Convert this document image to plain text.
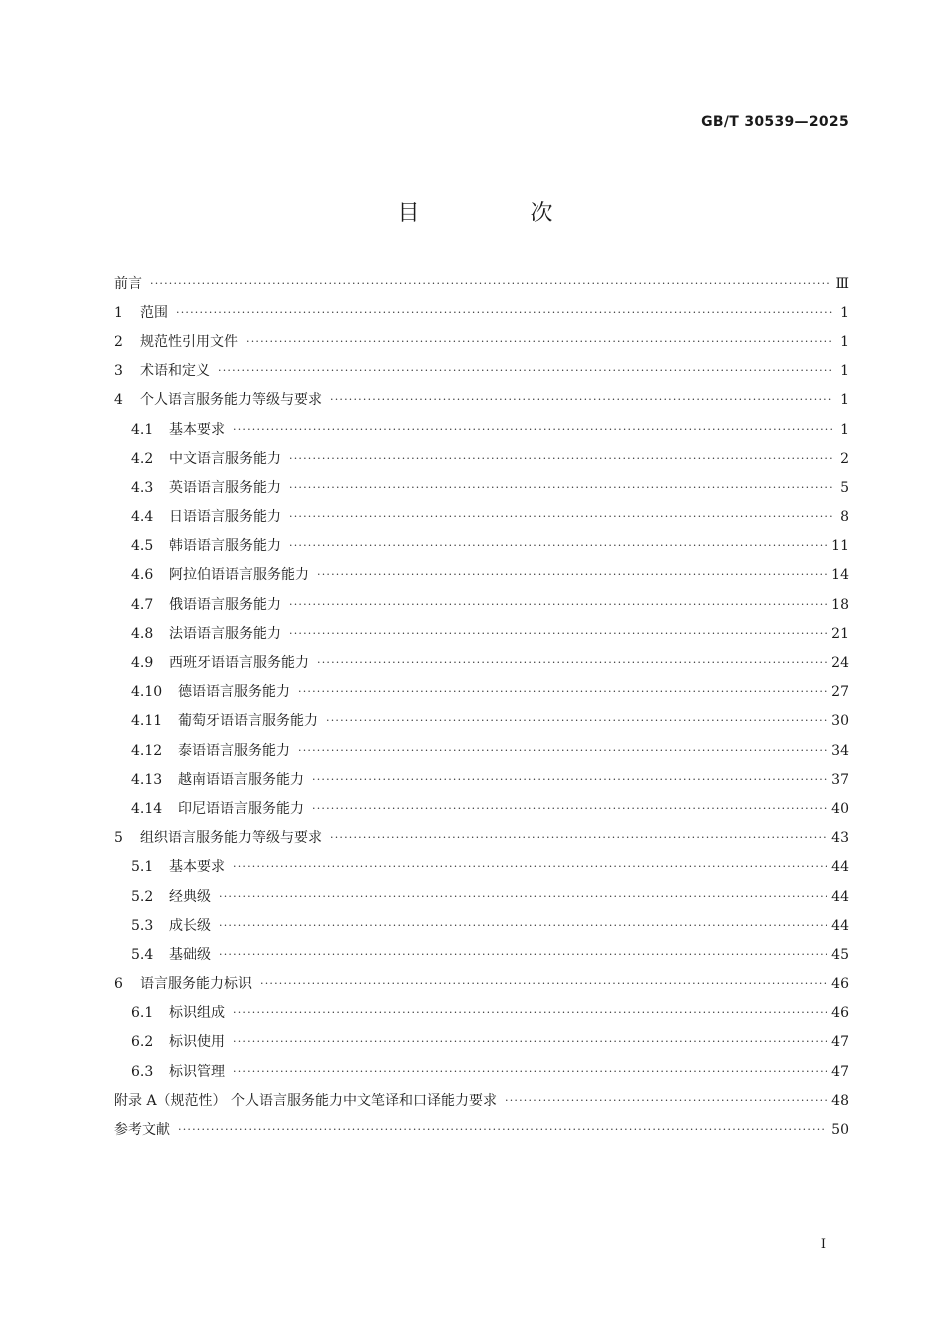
GB/T 30539—2025
目 次
前言 ·····	Ⅲ
1	范围 ·····	1
2	规范性引用文件 ·····	1
3	术语和定义 ·····	1
4	个人语言服务能力等级与要求 ·····	1
4.1	基本要求 ·····	1
4.2	中文语言服务能力 ·····	2
4.3	英语语言服务能力 ·····	5
4.4	日语语言服务能力 ·····	8
4.5	韩语语言服务能力 ·····	11
4.6	阿拉伯语语言服务能力 ·····	14
4.7	俄语语言服务能力 ·····	18
4.8	法语语言服务能力 ·····	21
4.9	西班牙语语言服务能力 ·····	24
4.10	德语语言服务能力 ·····	27
4.11	葡萄牙语语言服务能力 ·····	30
4.12	泰语语言服务能力 ·····	34
4.13	越南语语言服务能力 ·····	37
4.14	印尼语语言服务能力 ·····	40
5	组织语言服务能力等级与要求 ·····	43
5.1	基本要求 ·····	44
5.2	经典级 ·····	44
5.3	成长级 ·····	44
5.4	基础级 ·····	45
6	语言服务能力标识 ·····	46
6.1	标识组成 ·····	46
6.2	标识使用 ·····	47
6.3	标识管理 ·····	47
附录 A（规范性） 个人语言服务能力中文笔译和口译能力要求 ·····	48
参考文献 ·····	50
I
